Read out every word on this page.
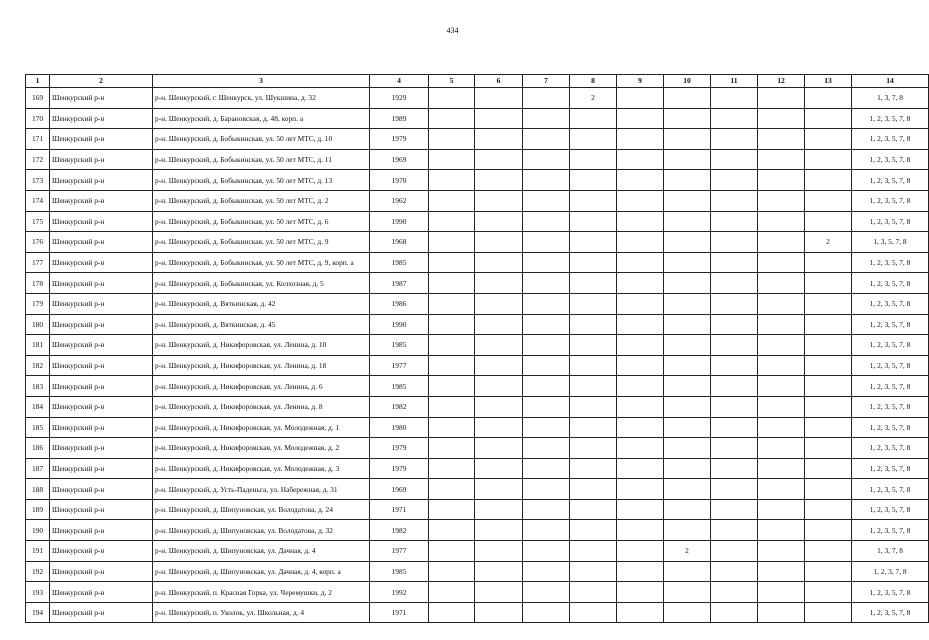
434
1	2	3	4	5	6	7	8	9	10	11	12	13	14
169	Шенкурский р-н	р-н. Шенкурский, г. Шенкурск, ул. Шукшина, д. 32	1929				2						1, 3, 7, 8
170	Шенкурский р-н	р-н. Шенкурский, д. Барановская, д. 48, корп. а	1989										1, 2, 3, 5, 7, 8
171	Шенкурский р-н	р-н. Шенкурский, д. Бобыкинская, ул. 50 лет МТС, д. 10	1979										1, 2, 3, 5, 7, 8
172	Шенкурский р-н	р-н. Шенкурский, д. Бобыкинская, ул. 50 лет МТС, д. 11	1969										1, 2, 3, 5, 7, 8
173	Шенкурский р-н	р-н. Шенкурский, д. Бобыкинская, ул. 50 лет МТС, д. 13	1970										1, 2, 3, 5, 7, 8
174	Шенкурский р-н	р-н. Шенкурский, д. Бобыкинская, ул. 50 лет МТС, д. 2	1962										1, 2, 3, 5, 7, 8
175	Шенкурский р-н	р-н. Шенкурский, д. Бобыкинская, ул. 50 лет МТС, д. 6	1990										1, 2, 3, 5, 7, 8
176	Шенкурский р-н	р-н. Шенкурский, д. Бобыкинская, ул. 50 лет МТС, д. 9	1968									2	1, 3, 5, 7, 8
177	Шенкурский р-н	р-н. Шенкурский, д. Бобыкинская, ул. 50 лет МТС, д. 9, корп. а	1985										1, 2, 3, 5, 7, 8
178	Шенкурский р-н	р-н. Шенкурский, д. Бобыкинская, ул. Колхозная, д. 5	1987										1, 2, 3, 5, 7, 8
179	Шенкурский р-н	р-н. Шенкурский, д. Вяткинская, д. 42	1986										1, 2, 3, 5, 7, 8
180	Шенкурский р-н	р-н. Шенкурский, д. Вяткинская, д. 45	1990										1, 2, 3, 5, 7, 8
181	Шенкурский р-н	р-н. Шенкурский, д. Никифоровская, ул. Ленина, д. 10	1985										1, 2, 3, 5, 7, 8
182	Шенкурский р-н	р-н. Шенкурский, д. Никифоровская, ул. Ленина, д. 18	1977										1, 2, 3, 5, 7, 8
183	Шенкурский р-н	р-н. Шенкурский, д. Никифоровская, ул. Ленина, д. 6	1985										1, 2, 3, 5, 7, 8
184	Шенкурский р-н	р-н. Шенкурский, д. Никифоровская, ул. Ленина, д. 8	1982										1, 2, 3, 5, 7, 8
185	Шенкурский р-н	р-н. Шенкурский, д. Никифоровская, ул. Молодежная, д. 1	1980										1, 2, 3, 5, 7, 8
186	Шенкурский р-н	р-н. Шенкурский, д. Никифоровская, ул. Молодежная, д. 2	1979										1, 2, 3, 5, 7, 8
187	Шенкурский р-н	р-н. Шенкурский, д. Никифоровская, ул. Молодежная, д. 3	1979										1, 2, 3, 5, 7, 8
188	Шенкурский р-н	р-н. Шенкурский, д. Усть-Паденьга, ул. Набережная, д. 31	1969										1, 2, 3, 5, 7, 8
189	Шенкурский р-н	р-н. Шенкурский, д. Шипуновская, ул. Володатова, д. 24	1971										1, 2, 3, 5, 7, 8
190	Шенкурский р-н	р-н. Шенкурский, д. Шипуновская, ул. Володатова, д. 32	1982										1, 2, 3, 5, 7, 8
191	Шенкурский р-н	р-н. Шенкурский, д. Шипуновская, ул. Дачная, д. 4	1977						2				1, 3, 7, 8
192	Шенкурский р-н	р-н. Шенкурский, д. Шипуновская, ул. Дачная, д. 4, корп. а	1985										1, 2, 3, 7, 8
193	Шенкурский р-н	р-н. Шенкурский, п. Красная Горка, ул. Черемушки, д. 2	1992										1, 2, 3, 5, 7, 8
194	Шенкурский р-н	р-н. Шенкурский, п. Уколок, ул. Школьная, д. 4	1971										1, 2, 3, 5, 7, 8
